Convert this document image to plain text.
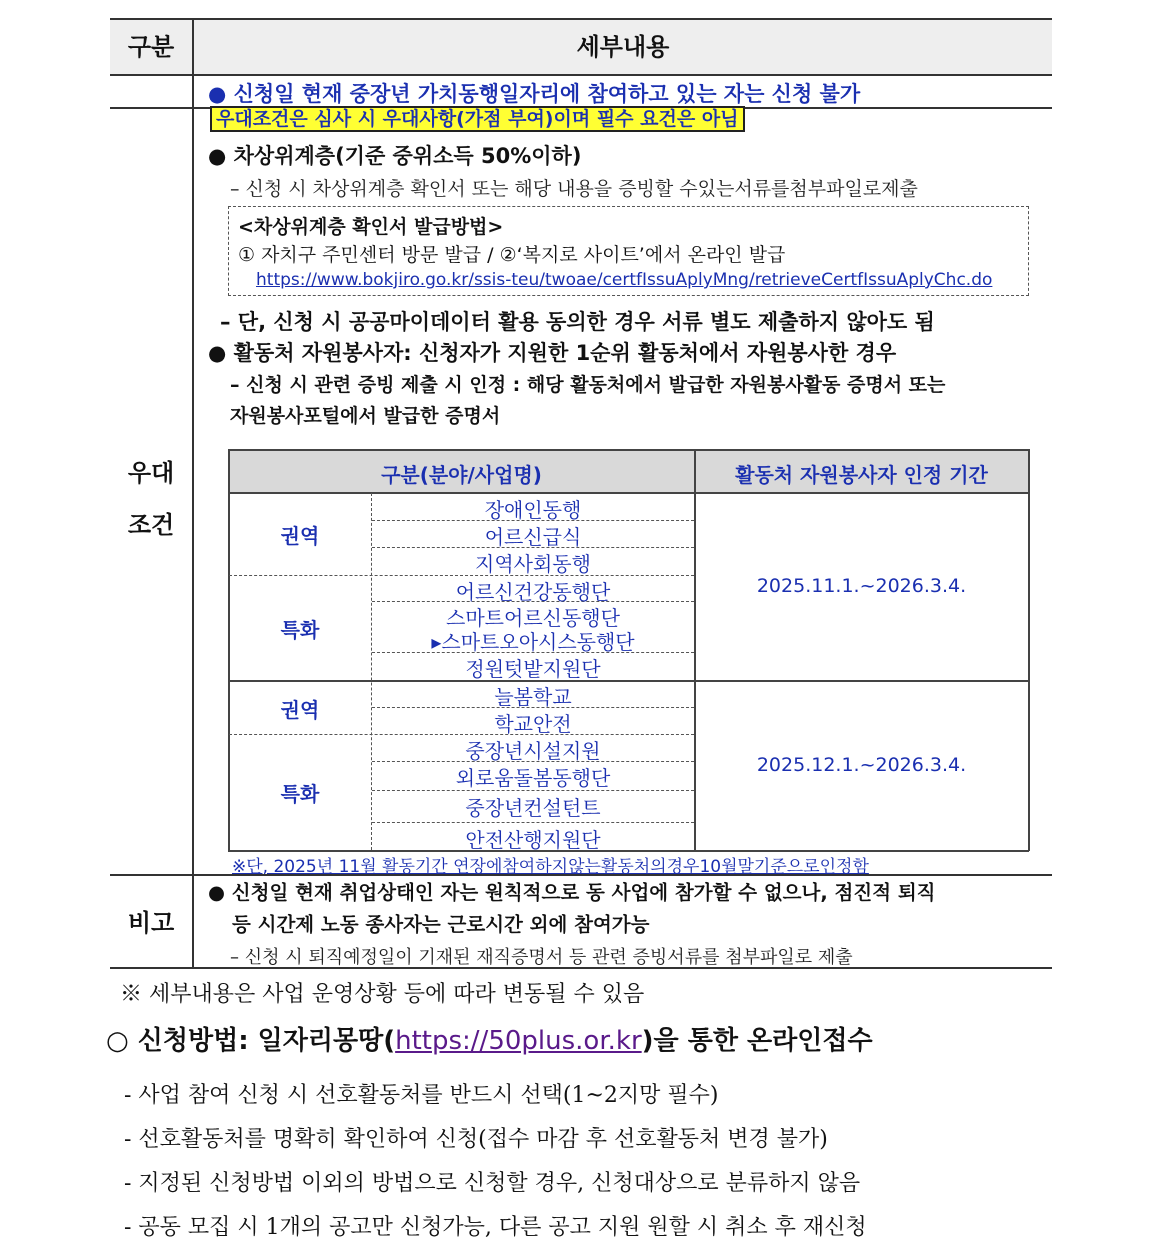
구분	세부내용
● 신청일 현재 중장년 가치동행일자리에 참여하고 있는 자는 신청 불가
우대
조건
우대조건은 심사 시 우대사항(가점 부여)이며 필수 요건은 아님
● 차상위계층(기준 중위소득 50%이하)
– 신청 시 차상위계층 확인서 또는 해당 내용을 증빙할 수있는서류를첨부파일로제출
<차상위계층 확인서 발급방법>
① 자치구 주민센터 방문 발급 / ②‘복지로 사이트’에서 온라인 발급
https://www.bokjiro.go.kr/ssis-teu/twoae/certfIssuAplyMng/retrieveCertfIssuAplyChc.do
– 단, 신청 시 공공마이데이터 활용 동의한 경우 서류 별도 제출하지 않아도 됨
● 활동처 자원봉사자: 신청자가 지원한 1순위 활동처에서 자원봉사한 경우
– 신청 시 관련 증빙 제출 시 인정 : 해당 활동처에서 발급한 자원봉사활동 증명서 또는
자원봉사포털에서 발급한 증명서
구분(분야/사업명)	활동처 자원봉사자 인정 기간
권역
특화
장애인동행
어르신급식
지역사회동행
어르신건강동행단
스마트어르신동행단
▸스마트오아시스동행단
정원텃밭지원단
2025.11.1.~2026.3.4.
권역
특화
늘봄학교
학교안전
중장년시설지원
외로움돌봄동행단
중장년컨설턴트
안전산행지원단
2025.12.1.~2026.3.4.
※단, 2025년 11월 활동기간 연장에참여하지않는활동처의경우10월말기준으로인정함
비고
● 신청일 현재 취업상태인 자는 원칙적으로 동 사업에 참가할 수 없으나, 점진적 퇴직
등 시간제 노동 종사자는 근로시간 외에 참여가능
– 신청 시 퇴직예정일이 기재된 재직증명서 등 관련 증빙서류를 첨부파일로 제출
※ 세부내용은 사업 운영상황 등에 따라 변동될 수 있음
○ 신청방법: 일자리몽땅(https://50plus.or.kr)을 통한 온라인접수
- 사업 참여 신청 시 선호활동처를 반드시 선택(1~2지망 필수)
- 선호활동처를 명확히 확인하여 신청(접수 마감 후 선호활동처 변경 불가)
- 지정된 신청방법 이외의 방법으로 신청할 경우, 신청대상으로 분류하지 않음
- 공동 모집 시 1개의 공고만 신청가능, 다른 공고 지원 원할 시 취소 후 재신청
